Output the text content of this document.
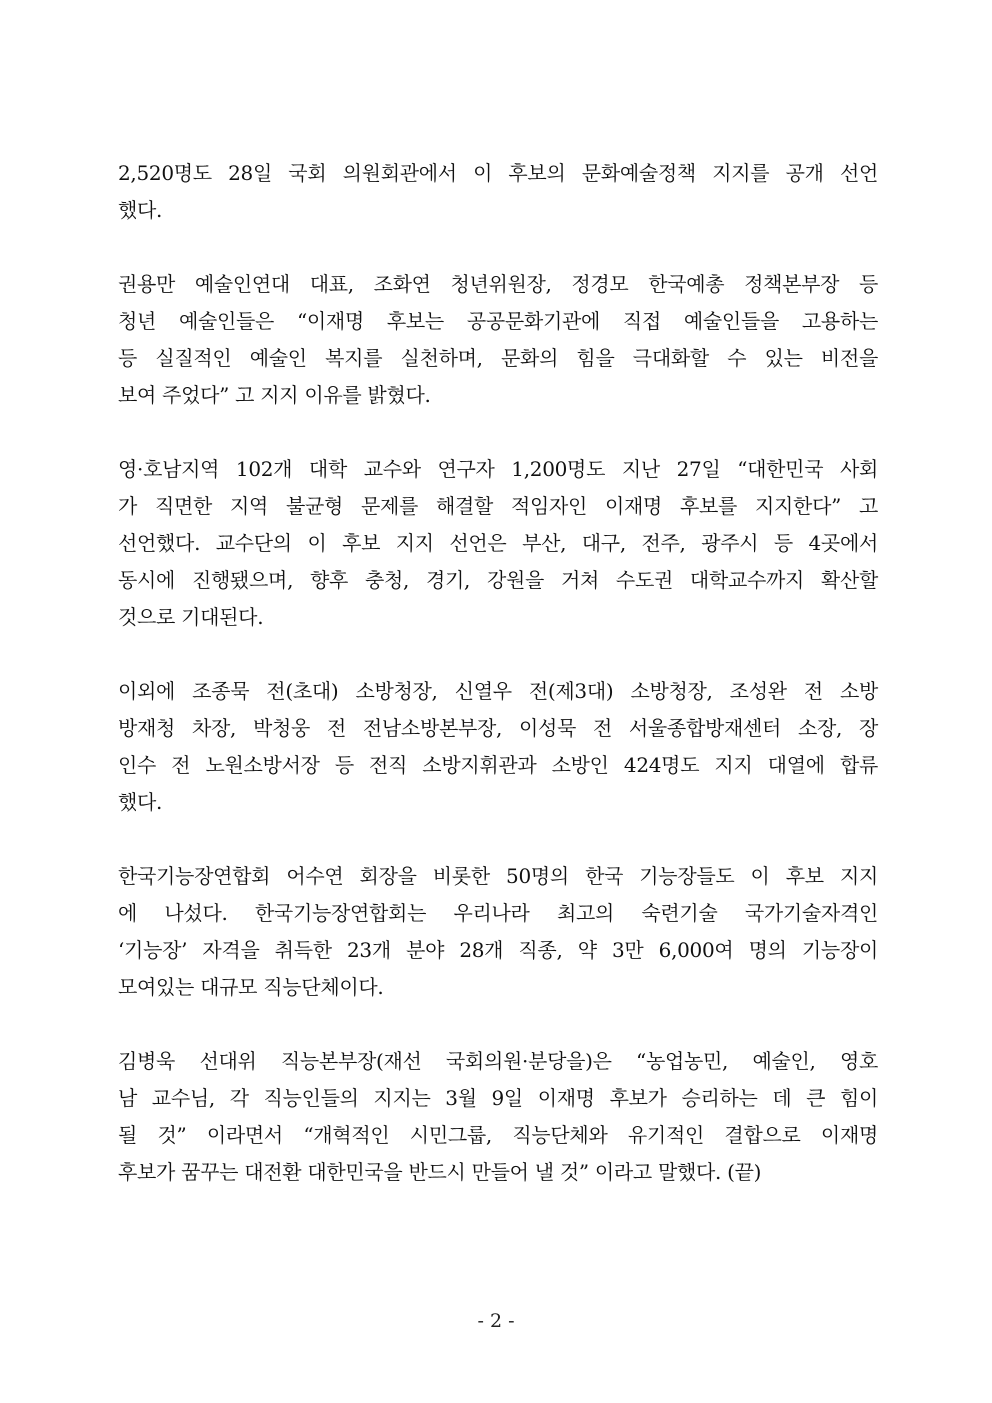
2,520명도 28일 국회 의원회관에서 이 후보의 문화예술정책 지지를 공개 선언
했다.
권용만 예술인연대 대표, 조화연 청년위원장, 정경모 한국예총 정책본부장 등
청년 예술인들은 “이재명 후보는 공공문화기관에 직접 예술인들을 고용하는
등 실질적인 예술인 복지를 실천하며, 문화의 힘을 극대화할 수 있는 비전을
보여 주었다” 고 지지 이유를 밝혔다.
영·호남지역 102개 대학 교수와 연구자 1,200명도 지난 27일 “대한민국 사회
가 직면한 지역 불균형 문제를 해결할 적임자인 이재명 후보를 지지한다” 고
선언했다. 교수단의 이 후보 지지 선언은 부산, 대구, 전주, 광주시 등 4곳에서
동시에 진행됐으며, 향후 충청, 경기, 강원을 거쳐 수도권 대학교수까지 확산할
것으로 기대된다.
이외에 조종묵 전(초대) 소방청장, 신열우 전(제3대) 소방청장, 조성완 전 소방
방재청 차장, 박청웅 전 전남소방본부장, 이성묵 전 서울종합방재센터 소장, 장
인수 전 노원소방서장 등 전직 소방지휘관과 소방인 424명도 지지 대열에 합류
했다.
한국기능장연합회 어수연 회장을 비롯한 50명의 한국 기능장들도 이 후보 지지
에 나섰다. 한국기능장연합회는 우리나라 최고의 숙련기술 국가기술자격인
‘기능장’ 자격을 취득한 23개 분야 28개 직종, 약 3만 6,000여 명의 기능장이
모여있는 대규모 직능단체이다.
김병욱 선대위 직능본부장(재선 국회의원·분당을)은 “농업농민, 예술인, 영호
남 교수님, 각 직능인들의 지지는 3월 9일 이재명 후보가 승리하는 데 큰 힘이
될 것” 이라면서 “개혁적인 시민그룹, 직능단체와 유기적인 결합으로 이재명
후보가 꿈꾸는 대전환 대한민국을 반드시 만들어 낼 것” 이라고 말했다. (끝)
- 2 -
